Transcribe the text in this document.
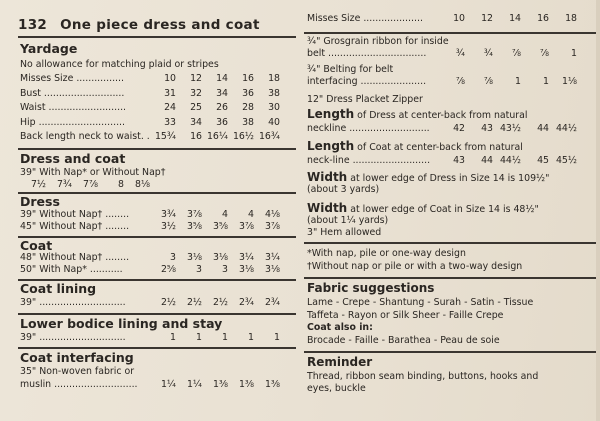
132 One piece dress and coat
Yardage
No allowance for matching plaid or stripes
Misses Size ................	10	12	14	16	18
Bust ...........................	31	32	34	36	38
Waist ..........................	24	25	26	28	30
Hip .............................	33	34	36	38	40
Back length neck to waist. . 15¾	16 16¼ 16½ 16¾
Dress and coat
39" With Nap* or Without Nap†
7½	7¾	7⅞	8	8⅛
Dress
39" Without Nap† ........	3¾	3⅞	4	4	4⅛
45" Without Nap† ........	3½	3⅝	3⅝	3⅞	3⅞
Coat
48" Without Nap† ........	3	3⅛	3⅛	3¼	3¼
50" With Nap* ...........	2⅝	3	3	3⅛	3⅛
Coat lining
39" .............................	2½	2½	2½	2¾	2¾
Lower bodice lining and stay
39" .............................	1	1	1	1	1
Coat interfacing
35" Non-woven fabric or
muslin ............................	1¼	1¼	1⅜	1⅜	1⅜
Misses Size ....................	10	12	14	16	18
¾" Grosgrain ribbon for inside
belt .................................	¾	¾	⅞	⅞	1
¾" Belting for belt
interfacing ......................	⅞	⅞	1	1	1⅛
12" Dress Placket Zipper
Length of Dress at center-back from natural
neckline ...........................	42	43 43½	44 44½
Length of Coat at center-back from natural
neck-line ..........................	43	44 44½	45 45½
Width at lower edge of Dress in Size 14 is 109½"
(about 3 yards)
Width at lower edge of Coat in Size 14 is 48½"
(about 1¼ yards)
3" Hem allowed
*With nap, pile or one-way design
†Without nap or pile or with a two-way design
Fabric suggestions
Lame - Crepe - Shantung - Surah - Satin - Tissue
Taffeta - Rayon or Silk Sheer - Faille Crepe
Coat also in:
Brocade - Faille - Barathea - Peau de soie
Reminder
Thread, ribbon seam binding, buttons, hooks and
eyes, buckle
